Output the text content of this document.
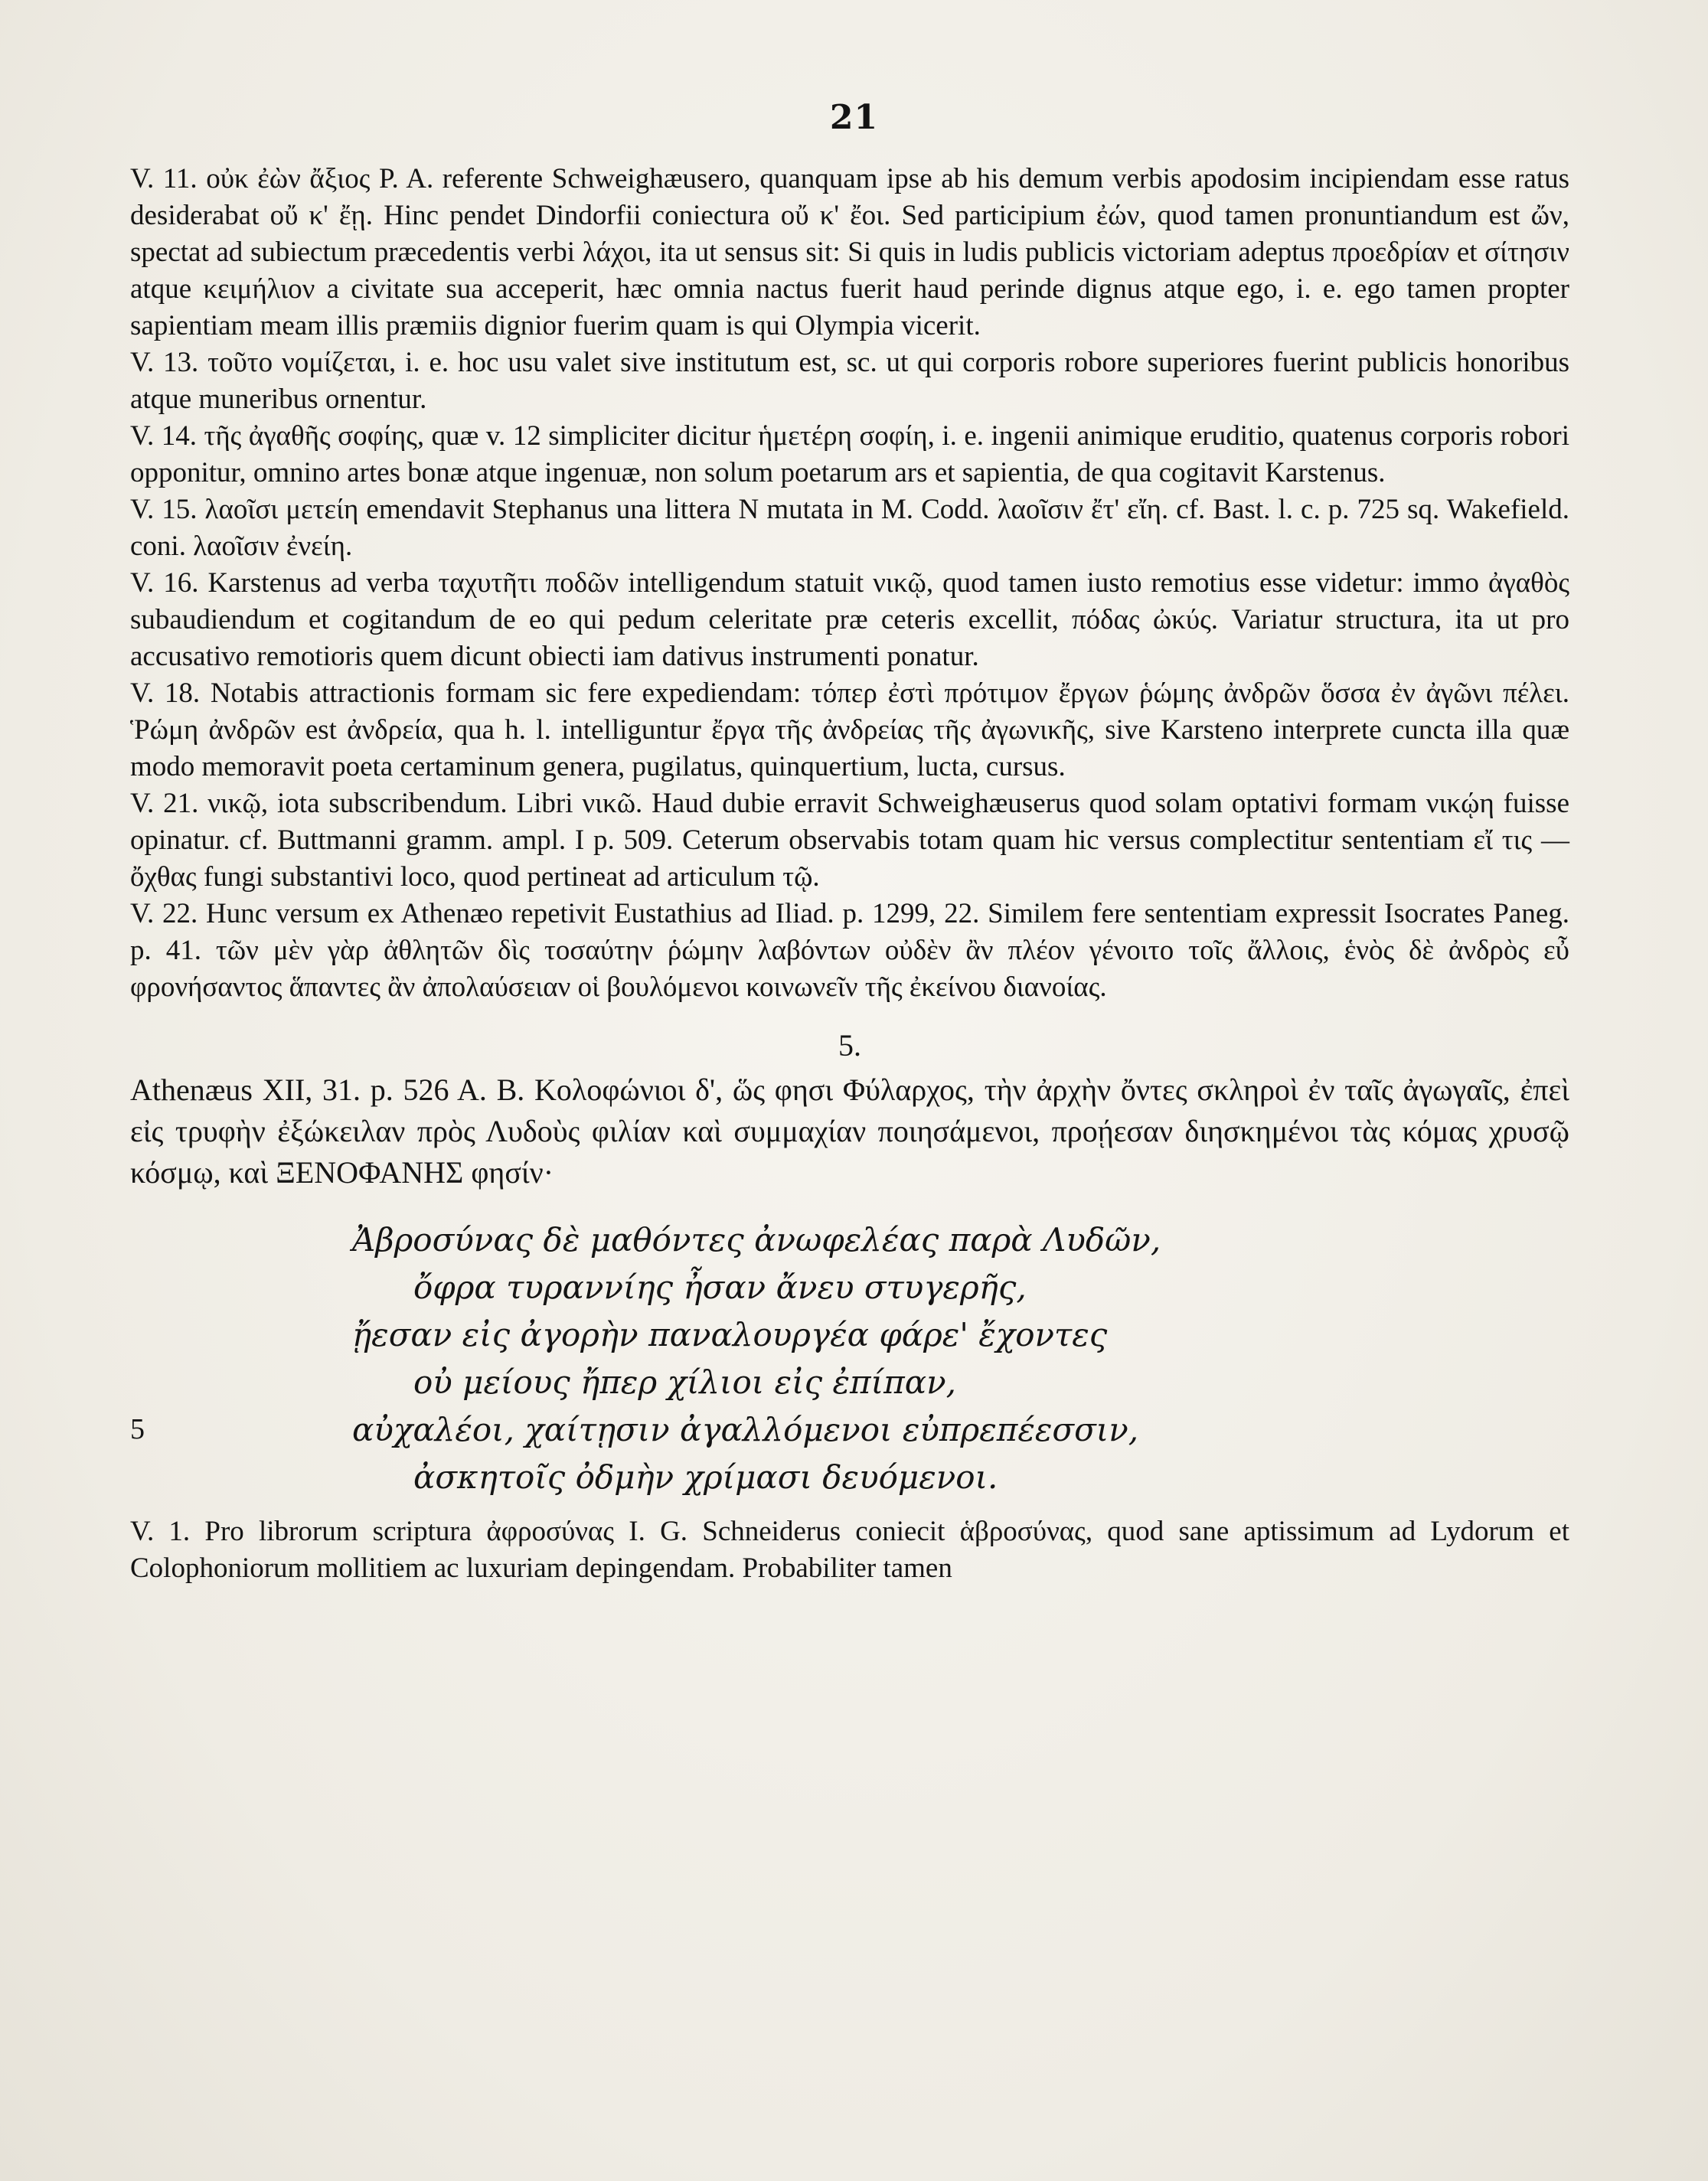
21

V. 11. οὐκ ἐὼν ἄξιος P. A. referente Schweighæusero, quanquam ipse ab his demum verbis apodosim incipiendam esse ratus desiderabat οὔ κ' ἔῃ. Hinc pendet Dindorfii coniectura οὔ κ' ἔοι. Sed participium ἐών, quod tamen pronuntiandum est ὤν, spectat ad subiectum præcedentis verbi λάχοι, ita ut sensus sit: Si quis in ludis publicis victoriam adeptus προεδρίαν et σίτησιν atque κειμήλιον a civitate sua acceperit, hæc omnia nactus fuerit haud perinde dignus atque ego, i. e. ego tamen propter sapientiam meam illis præmiis dignior fuerim quam is qui Olympia vicerit.

V. 13. τοῦτο νομίζεται, i. e. hoc usu valet sive institutum est, sc. ut qui corporis robore superiores fuerint publicis honoribus atque muneribus ornentur.

V. 14. τῆς ἀγαθῆς σοφίης, quæ v. 12 simpliciter dicitur ἡμετέρη σοφίη, i. e. ingenii animique eruditio, quatenus corporis robori opponitur, omnino artes bonæ atque ingenuæ, non solum poetarum ars et sapientia, de qua cogitavit Karstenus.

V. 15. λαοῖσι μετείη emendavit Stephanus una littera N mutata in M. Codd. λαοῖσιν ἔτ' εἴη. cf. Bast. l. c. p. 725 sq. Wakefield. coni. λαοῖσιν ἐνείη.

V. 16. Karstenus ad verba ταχυτῆτι ποδῶν intelligendum statuit νικῷ, quod tamen iusto remotius esse videtur: immo ἀγαθὸς subaudiendum et cogitandum de eo qui pedum celeritate præ ceteris excellit, πόδας ὠκύς. Variatur structura, ita ut pro accusativo remotioris quem dicunt obiecti iam dativus instrumenti ponatur.

V. 18. Notabis attractionis formam sic fere expediendam: τόπερ ἐστὶ πρότιμον ἔργων ῥώμης ἀνδρῶν ὅσσα ἐν ἀγῶνι πέλει. Ῥώμη ἀνδρῶν est ἀνδρεία, qua h. l. intelliguntur ἔργα τῆς ἀνδρείας τῆς ἀγωνικῆς, sive Karsteno interprete cuncta illa quæ modo memoravit poeta certaminum genera, pugilatus, quinquertium, lucta, cursus.

V. 21. νικῷ, iota subscribendum. Libri νικῶ. Haud dubie erravit Schweighæuserus quod solam optativi formam νικῴη fuisse opinatur. cf. Buttmanni gramm. ampl. I p. 509. Ceterum observabis totam quam hic versus complectitur sententiam εἴ τις — ὄχθας fungi substantivi loco, quod pertineat ad articulum τῷ.

V. 22. Hunc versum ex Athenæo repetivit Eustathius ad Iliad. p. 1299, 22. Similem fere sententiam expressit Isocrates Paneg. p. 41. τῶν μὲν γὰρ ἀθλητῶν δὶς τοσαύτην ῥώμην λαβόντων οὐδὲν ἂν πλέον γένοιτο τοῖς ἄλλοις, ἑνὸς δὲ ἀνδρὸς εὖ φρονήσαντος ἅπαντες ἂν ἀπολαύσειαν οἱ βουλόμενοι κοινωνεῖν τῆς ἐκείνου διανοίας.

5.

Athenæus XII, 31. p. 526 A. B. Κολοφώνιοι δ', ὥς φησι Φύλαρχος, τὴν ἀρχὴν ὄντες σκληροὶ ἐν ταῖς ἀγωγαῖς, ἐπεὶ εἰς τρυφὴν ἐξώκειλαν πρὸς Λυδοὺς φιλίαν καὶ συμμαχίαν ποιησάμενοι, προῄεσαν διησκημένοι τὰς κόμας χρυσῷ κόσμῳ, καὶ ΞΕΝΟΦΑΝΗΣ φησίν·

Ἀβροσύνας δὲ μαθόντες ἀνωφελέας παρὰ Λυδῶν,

ὄφρα τυραννίης ἦσαν ἄνευ στυγερῆς,

ᾔεσαν εἰς ἀγορὴν παναλουργέα φάρε' ἔχοντες

οὐ μείους ἤπερ χίλιοι εἰς ἐπίπαν,

5	αὐχαλέοι, χαίτῃσιν ἀγαλλόμενοι εὐπρεπέεσσιν,

ἀσκητοῖς ὀδμὴν χρίμασι δευόμενοι.

V. 1. Pro librorum scriptura ἀφροσύνας I. G. Schneiderus coniecit ἁβροσύνας, quod sane aptissimum ad Lydorum et Colophoniorum mollitiem ac luxuriam depingendam. Probabiliter tamen
